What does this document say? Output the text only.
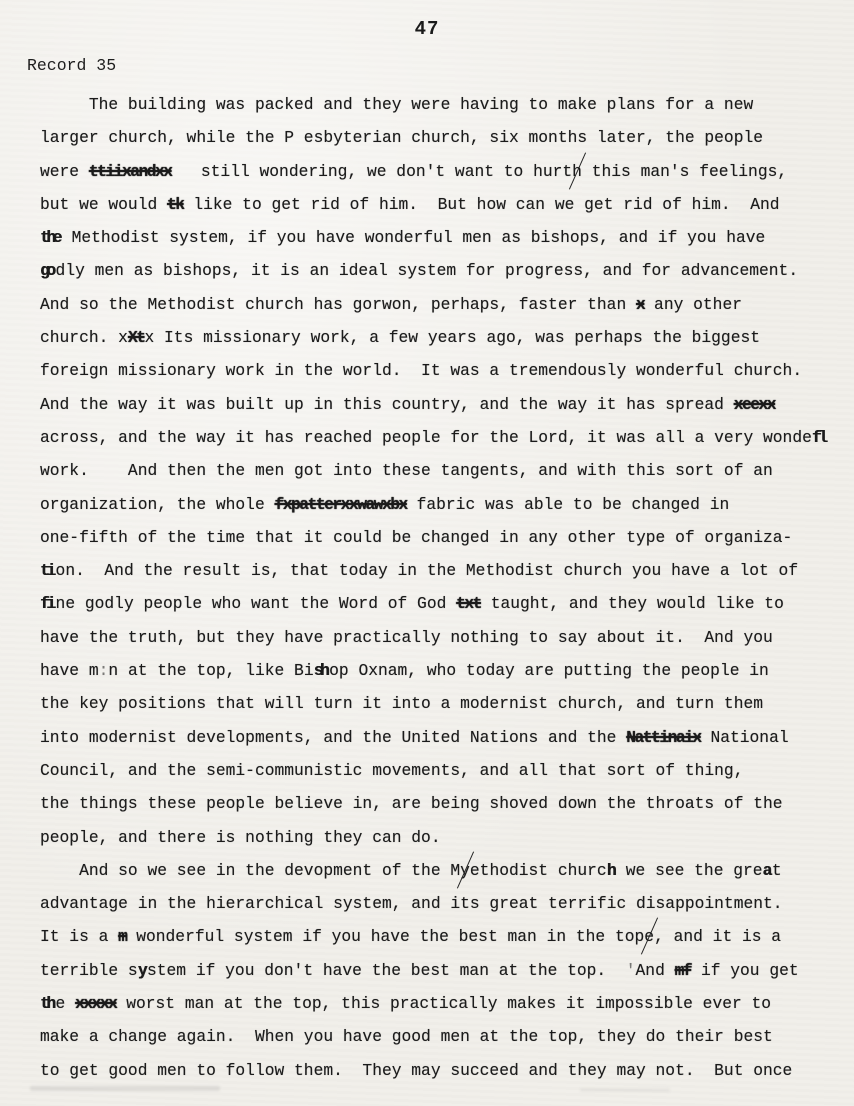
47
Record 35
The building was packed and they were having to make plans for a new
larger church, while the P esbyterian church, six months later, the people
were ttiixandxx   still wondering, we don't want to hurth this man's feelings,
but we would tk like to get rid of him.  But how can we get rid of him.  And
the Methodist system, if you have wonderful men as bishops, and if you have
go dly men as bishops, it is an ideal system for progress, and for advancement.
And so the Methodist church has gorwon, perhaps, faster than x any other
church. xXtx Its missionary work, a few years ago, was perhaps the biggest
foreign missionary work in the world.  It was a tremendously wonderful church.
And the way it was built up in this country, and the way it has spread xeexx
across, and the way it has reached people for the Lord, it was all a very wondefl
work.    And then the men got into these tangents, and with this sort of an
organization, the whole fxpatterxxwawxbx fabric was able to be changed in
one-fifth of the time that it could be changed in any other type of organiza-
ti on.  And the result is, that today in the Methodist church you have a lot of
fi ne godly people who want the Word of God txt taught, and they would like to
have the truth, but they have practically nothing to say about it.  And you
have m:n at the top, like Bish op Oxnam, who today are putting the people in
the key positions that will turn it into a modernist church, and turn them
into modernist developments, and the United Nations and the Nattinaix National
Council, and the semi-communistic movements, and all that sort of thing,
the things these people believe in, are being shoved down the throats of the
people, and there is nothing they can do.
And so we see in the devopment of the Myethodist church we see the grea t
advantage in the hierarchical system, and its great terrific disappointment.
It is a m wonderful system if you have the best man in the tope, and it is a
terrible sy stem if you don't have the best man at the top.  'And mf if you get
th e xxxxx worst man at the top, this practically makes it impossible ever to
make a change again.  When you have good men at the top, they do their best
to get good men to follow them.  They may succeed and they may not.  But once
